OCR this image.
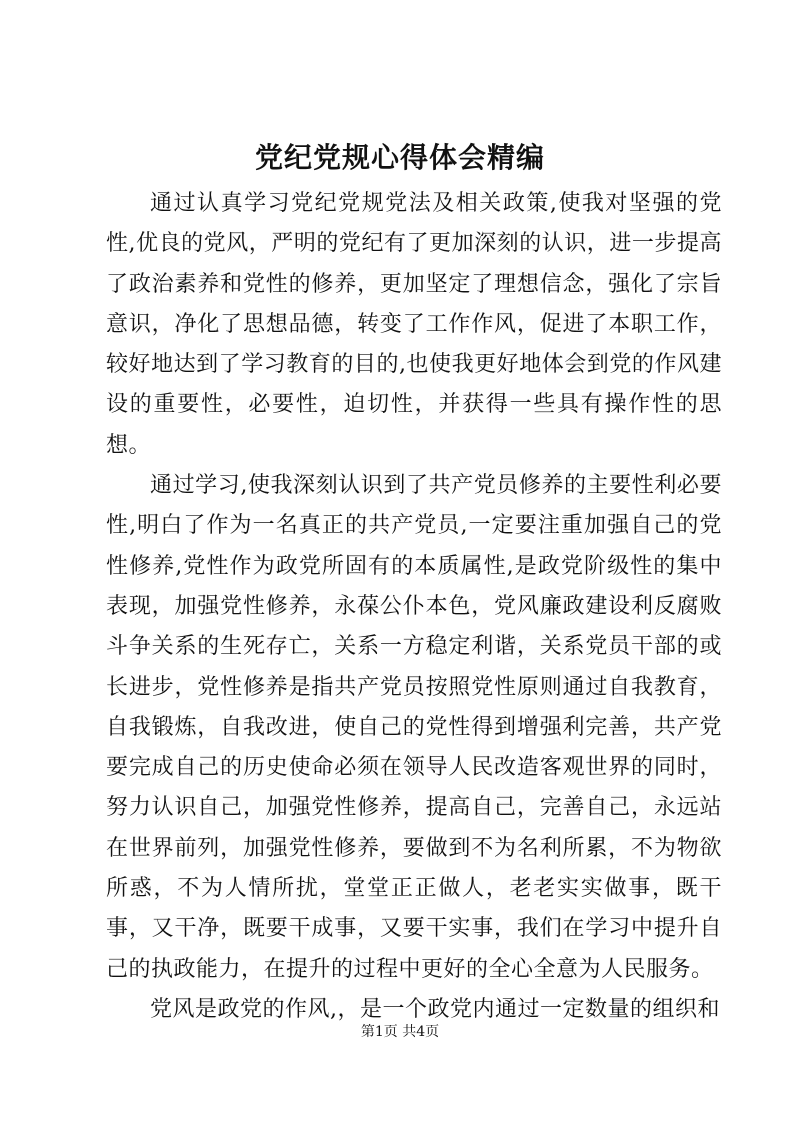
党纪党规心得体会精编

通过认真学习党纪党规党法及相关政策,使我对坚强的党性,优良的党风，严明的党纪有了更加深刻的认识，进一步提高了政治素养和党性的修养，更加坚定了理想信念，强化了宗旨意识，净化了思想品德，转变了工作作风，促进了本职工作，较好地达到了学习教育的目的,也使我更好地体会到党的作风建设的重要性，必要性，迫切性，并获得一些具有操作性的思想。

通过学习,使我深刻认识到了共产党员修养的主要性利必要性,明白了作为一名真正的共产党员,一定要注重加强自己的党性修养,党性作为政党所固有的本质属性,是政党阶级性的集中表现，加强党性修养，永葆公仆本色，党风廉政建设利反腐败斗争关系的生死存亡，关系一方稳定利谐，关系党员干部的或长进步，党性修养是指共产党员按照党性原则通过自我教育，自我锻炼，自我改进，使自己的党性得到增强利完善，共产党要完成自己的历史使命必须在领导人民改造客观世界的同时，努力认识自己，加强党性修养，提高自己，完善自己，永远站在世界前列，加强党性修养，要做到不为名利所累，不为物欲所惑，不为人情所扰，堂堂正正做人，老老实实做事，既干事，又干净，既要干成事，又要干实事，我们在学习中提升自己的执政能力，在提升的过程中更好的全心全意为人民服务。

党风是政党的作风,，是一个政党内通过一定数量的组织和

第1页 共4页
